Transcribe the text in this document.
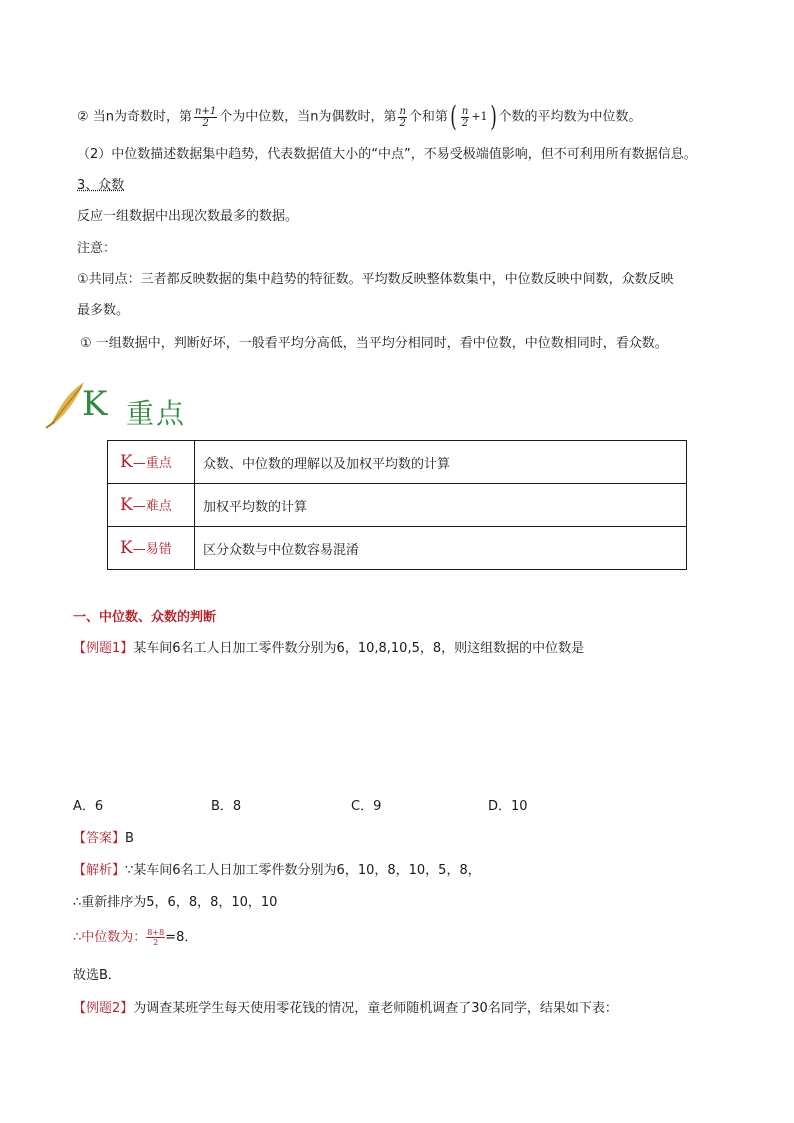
② 当n为奇数时，第 $\frac{n+1}{2}$ 个为中位数，当n为偶数时，第 $\frac{n}{2}$ 个和第( $\frac{n}{2} +1$) 个数的平均数为中位数。
（2）中位数描述数据集中趋势，代表数据值大小的“中点”，不易受极端值影响，但不可利用所有数据信息。
3、众数
反应一组数据中出现次数最多的数据。
注意：
①共同点：三者都反映数据的集中趋势的特征数。平均数反映整体数集中，中位数反映中间数，众数反映
最多数。
① 一组数据中，判断好坏，一般看平均分高低，当平均分相同时，看中位数，中位数相同时，看众数。
K 重点
K—重点	众数、中位数的理解以及加权平均数的计算
K—难点	加权平均数的计算
K—易错	区分众数与中位数容易混淆
一、中位数、众数的判断
【例题1】某车间6名工人日加工零件数分别为6，10,8,10,5，8，则这组数据的中位数是
A．6	B．8	C．9	D．10
【答案】B
【解析】∵某车间6名工人日加工零件数分别为6，10，8，10，5，8，
∴重新排序为5，6，8，8，10，10
∴中位数为： $\frac{8+8}{2}=8$．
故选B．
【例题2】为调查某班学生每天使用零花钱的情况，童老师随机调查了30名同学，结果如下表：
